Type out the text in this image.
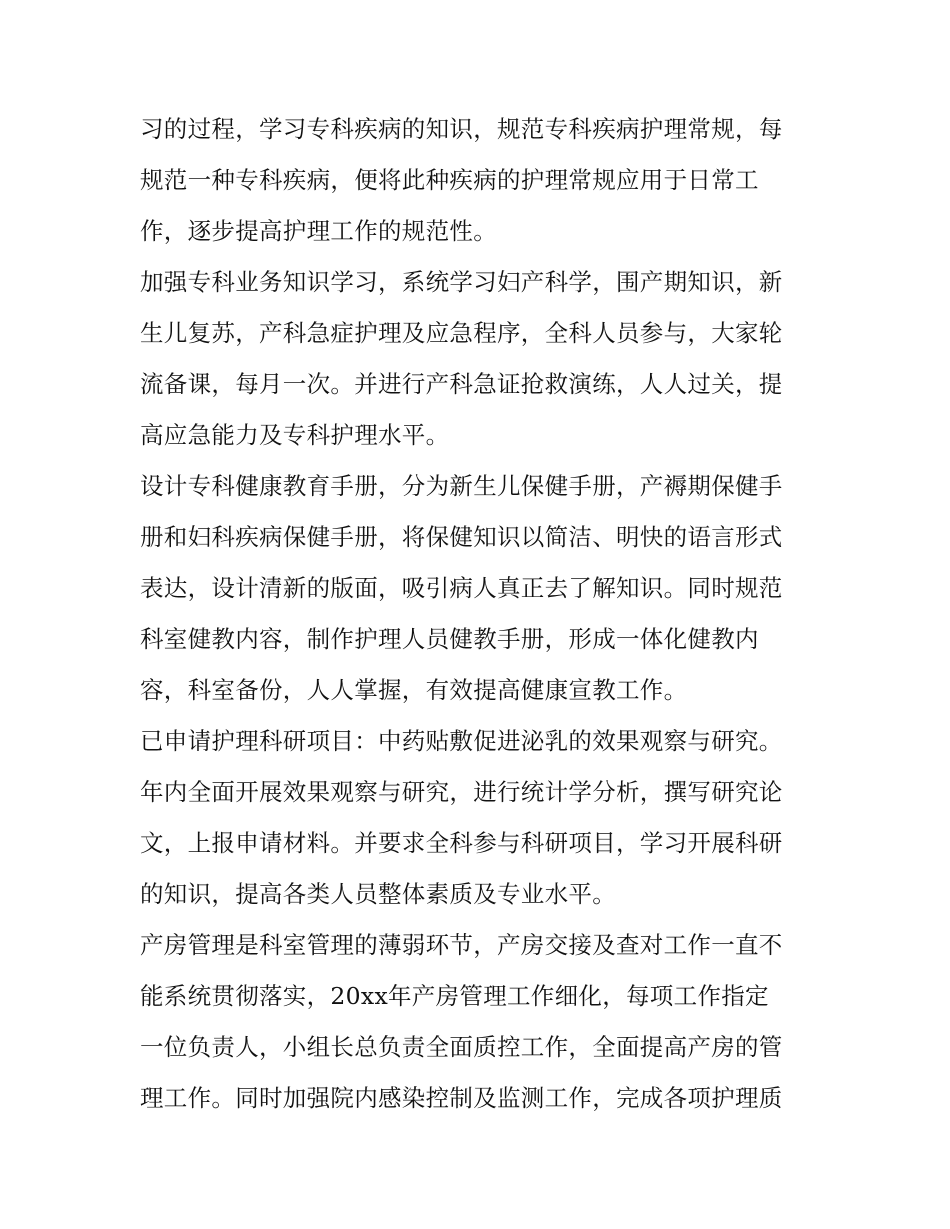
习的过程，学习专科疾病的知识，规范专科疾病护理常规，每
规范一种专科疾病，便将此种疾病的护理常规应用于日常工
作，逐步提高护理工作的规范性。
加强专科业务知识学习，系统学习妇产科学，围产期知识，新
生儿复苏，产科急症护理及应急程序，全科人员参与，大家轮
流备课，每月一次。并进行产科急证抢救演练，人人过关，提
高应急能力及专科护理水平。
设计专科健康教育手册，分为新生儿保健手册，产褥期保健手
册和妇科疾病保健手册，将保健知识以简洁、明快的语言形式
表达，设计清新的版面，吸引病人真正去了解知识。同时规范
科室健教内容，制作护理人员健教手册，形成一体化健教内
容，科室备份，人人掌握，有效提高健康宣教工作。
已申请护理科研项目：中药贴敷促进泌乳的效果观察与研究。
年内全面开展效果观察与研究，进行统计学分析，撰写研究论
文，上报申请材料。并要求全科参与科研项目，学习开展科研
的知识，提高各类人员整体素质及专业水平。
产房管理是科室管理的薄弱环节，产房交接及查对工作一直不
能系统贯彻落实，20xx年产房管理工作细化，每项工作指定
一位负责人，小组长总负责全面质控工作，全面提高产房的管
理工作。同时加强院内感染控制及监测工作，完成各项护理质
